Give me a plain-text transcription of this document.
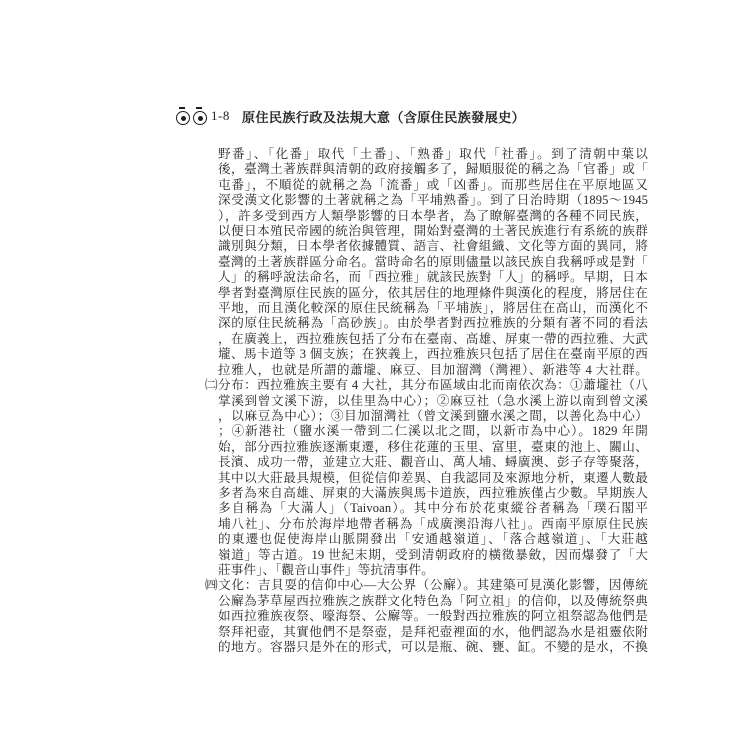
1-8 原住民族行政及法規大意（含原住民族發展史）
野番」、「化番」取代「土番」、「熟番」取代「社番」。到了清朝中葉以
後，臺灣土著族群與清朝的政府接觸多了，歸順服從的稱之為「官番」或「
屯番」，不順從的就稱之為「流番」或「凶番」。而那些居住在平原地區又
深受漢文化影響的土著就稱之為「平埔熟番」。到了日治時期（1895～1945
），許多受到西方人類學影響的日本學者，為了瞭解臺灣的各種不同民族，
以便日本殖民帝國的統治與管理，開始對臺灣的土著民族進行有系統的族群
識別與分類，日本學者依據體質、語言、社會組織、文化等方面的異同，將
臺灣的土著族群區分命名。當時命名的原則儘量以該民族自我稱呼或是對「
人」的稱呼說法命名，而「西拉雅」就該民族對「人」的稱呼。早期，日本
學者對臺灣原住民族的區分，依其居住的地理條件與漢化的程度，將居住在
平地，而且漢化較深的原住民統稱為「平埔族」，將居住在高山，而漢化不
深的原住民統稱為「高砂族」。由於學者對西拉雅族的分類有著不同的看法
，在廣義上，西拉雅族包括了分布在臺南、高雄、屏東一帶的西拉雅、大武
壠、馬卡道等 3 個支族；在狹義上，西拉雅族只包括了居住在臺南平原的西
拉雅人，也就是所謂的蕭壠、麻豆、目加溜灣（灣裡）、新港等 4 大社群。
㈡分布：西拉雅族主要有 4 大社，其分布區域由北而南依次為：①蕭壠社（八
掌溪到曾文溪下游，以佳里為中心）；②麻豆社（急水溪上游以南到曾文溪
，以麻豆為中心）；③目加溜灣社（曾文溪到鹽水溪之間，以善化為中心）
；④新港社（鹽水溪一帶到二仁溪以北之間，以新市為中心）。1829 年開
始，部分西拉雅族逐漸東遷，移住花蓮的玉里、富里，臺東的池上、關山、
長濱、成功一帶，並建立大莊、觀音山、萬人埔、蟳廣澳、彭子存等聚落，
其中以大莊最具規模，但從信仰差異、自我認同及來源地分析，東遷人數最
多者為來自高雄、屏東的大滿族與馬卡道族，西拉雅族僅占少數。早期族人
多自稱為「大滿人」（Taivoan）。其中分布於花東縱谷者稱為「璞石閣平
埔八社」、分布於海岸地帶者稱為「成廣澳沿海八社」。西南平原原住民族
的東遷也促使海岸山脈開發出「安通越嶺道」、「落合越嶺道」、「大莊越
嶺道」等古道。19 世紀末期，受到清朝政府的橫徵暴斂，因而爆發了「大
莊事件」、「觀音山事件」等抗清事件。
㈣文化：吉貝耍的信仰中心—大公界（公廨）。其建築可見漢化影響，因傳統
公廨為茅草屋西拉雅族之族群文化特色為「阿立祖」的信仰，以及傳統祭典
如西拉雅族夜祭、嚎海祭、公廨等。一般對西拉雅族的阿立祖祭認為他們是
祭拜祀壺，其實他們不是祭壺，是拜祀壺裡面的水，他們認為水是祖靈依附
的地方。容器只是外在的形式，可以是瓶、碗、甕、缸。不變的是水，不換
